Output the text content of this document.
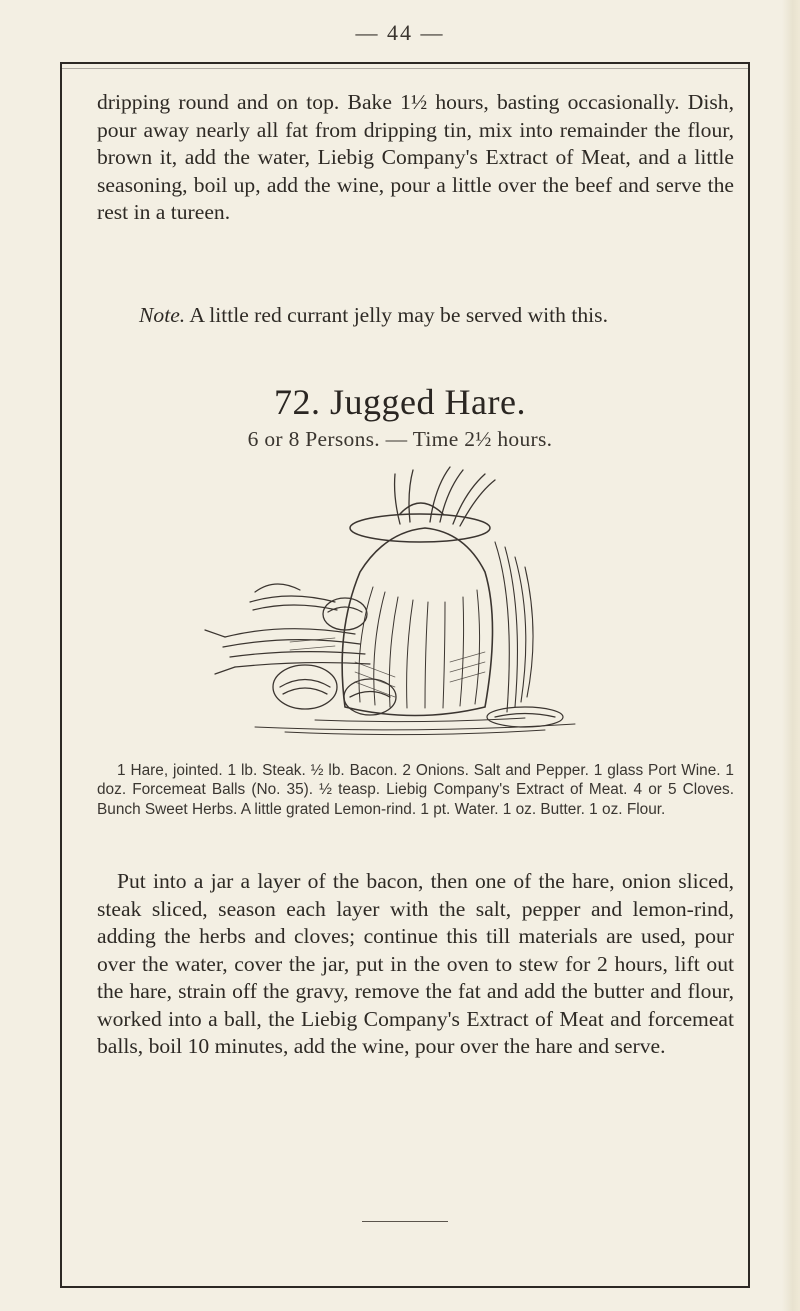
— 44 —
dripping round and on top. Bake 1½ hours, basting occasionally. Dish, pour away nearly all fat from dripping tin, mix into remainder the flour, brown it, add the water, Liebig Company's Extract of Meat, and a little seasoning, boil up, add the wine, pour a little over the beef and serve the rest in a tureen.
Note. A little red currant jelly may be served with this.
72. Jugged Hare.
6 or 8 Persons. — Time 2½ hours.
1 Hare, jointed. 1 lb. Steak. ½ lb. Bacon. 2 Onions. Salt and Pepper. 1 glass Port Wine. 1 doz. Forcemeat Balls (No. 35). ½ teasp. Liebig Company's Extract of Meat. 4 or 5 Cloves. Bunch Sweet Herbs. A little grated Lemon-rind. 1 pt. Water. 1 oz. Butter. 1 oz. Flour.
Put into a jar a layer of the bacon, then one of the hare, onion sliced, steak sliced, season each layer with the salt, pepper and lemon-rind, adding the herbs and cloves; continue this till materials are used, pour over the water, cover the jar, put in the oven to stew for 2 hours, lift out the hare, strain off the gravy, remove the fat and add the butter and flour, worked into a ball, the Liebig Company's Extract of Meat and forcemeat balls, boil 10 minutes, add the wine, pour over the hare and serve.
